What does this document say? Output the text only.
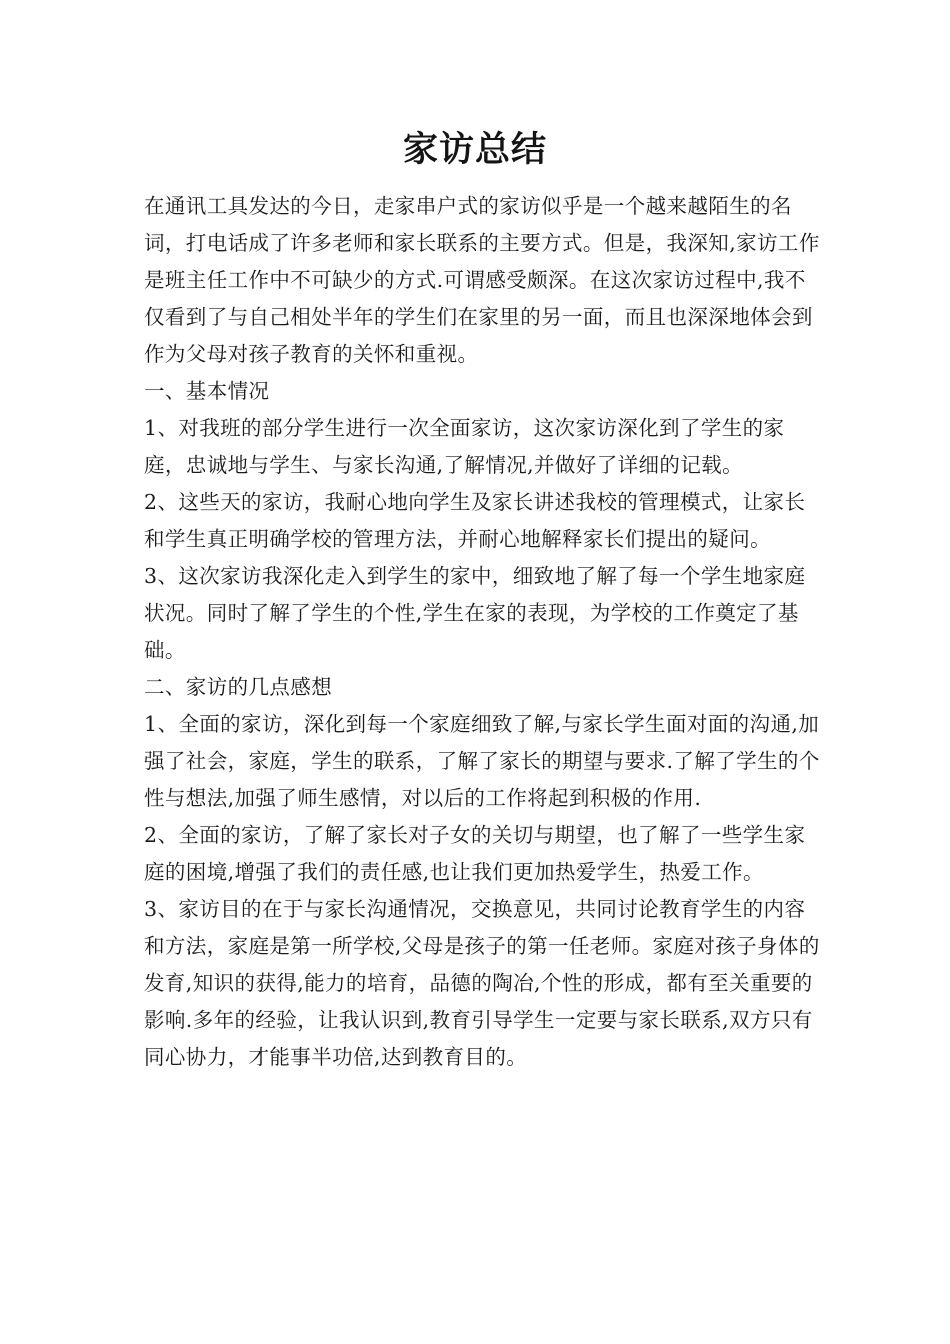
家访总结

在通讯工具发达的今日，走家串户式的家访似乎是一个越来越陌生的名词，打电话成了许多老师和家长联系的主要方式。但是，我深知,家访工作是班主任工作中不可缺少的方式.可谓感受颇深。在这次家访过程中,我不仅看到了与自己相处半年的学生们在家里的另一面，而且也深深地体会到作为父母对孩子教育的关怀和重视。

一、基本情况

1、对我班的部分学生进行一次全面家访，这次家访深化到了学生的家庭，忠诚地与学生、与家长沟通,了解情况,并做好了详细的记载。

2、这些天的家访，我耐心地向学生及家长讲述我校的管理模式，让家长和学生真正明确学校的管理方法，并耐心地解释家长们提出的疑问。

3、这次家访我深化走入到学生的家中，细致地了解了每一个学生地家庭状况。同时了解了学生的个性,学生在家的表现，为学校的工作奠定了基础。

二、家访的几点感想

1、全面的家访，深化到每一个家庭细致了解,与家长学生面对面的沟通,加强了社会，家庭，学生的联系，了解了家长的期望与要求.了解了学生的个性与想法,加强了师生感情，对以后的工作将起到积极的作用.

2、全面的家访，了解了家长对子女的关切与期望，也了解了一些学生家庭的困境,增强了我们的责任感,也让我们更加热爱学生，热爱工作。

3、家访目的在于与家长沟通情况，交换意见，共同讨论教育学生的内容和方法，家庭是第一所学校,父母是孩子的第一任老师。家庭对孩子身体的发育,知识的获得,能力的培育，品德的陶冶,个性的形成，都有至关重要的影响.多年的经验，让我认识到,教育引导学生一定要与家长联系,双方只有同心协力，才能事半功倍,达到教育目的。
